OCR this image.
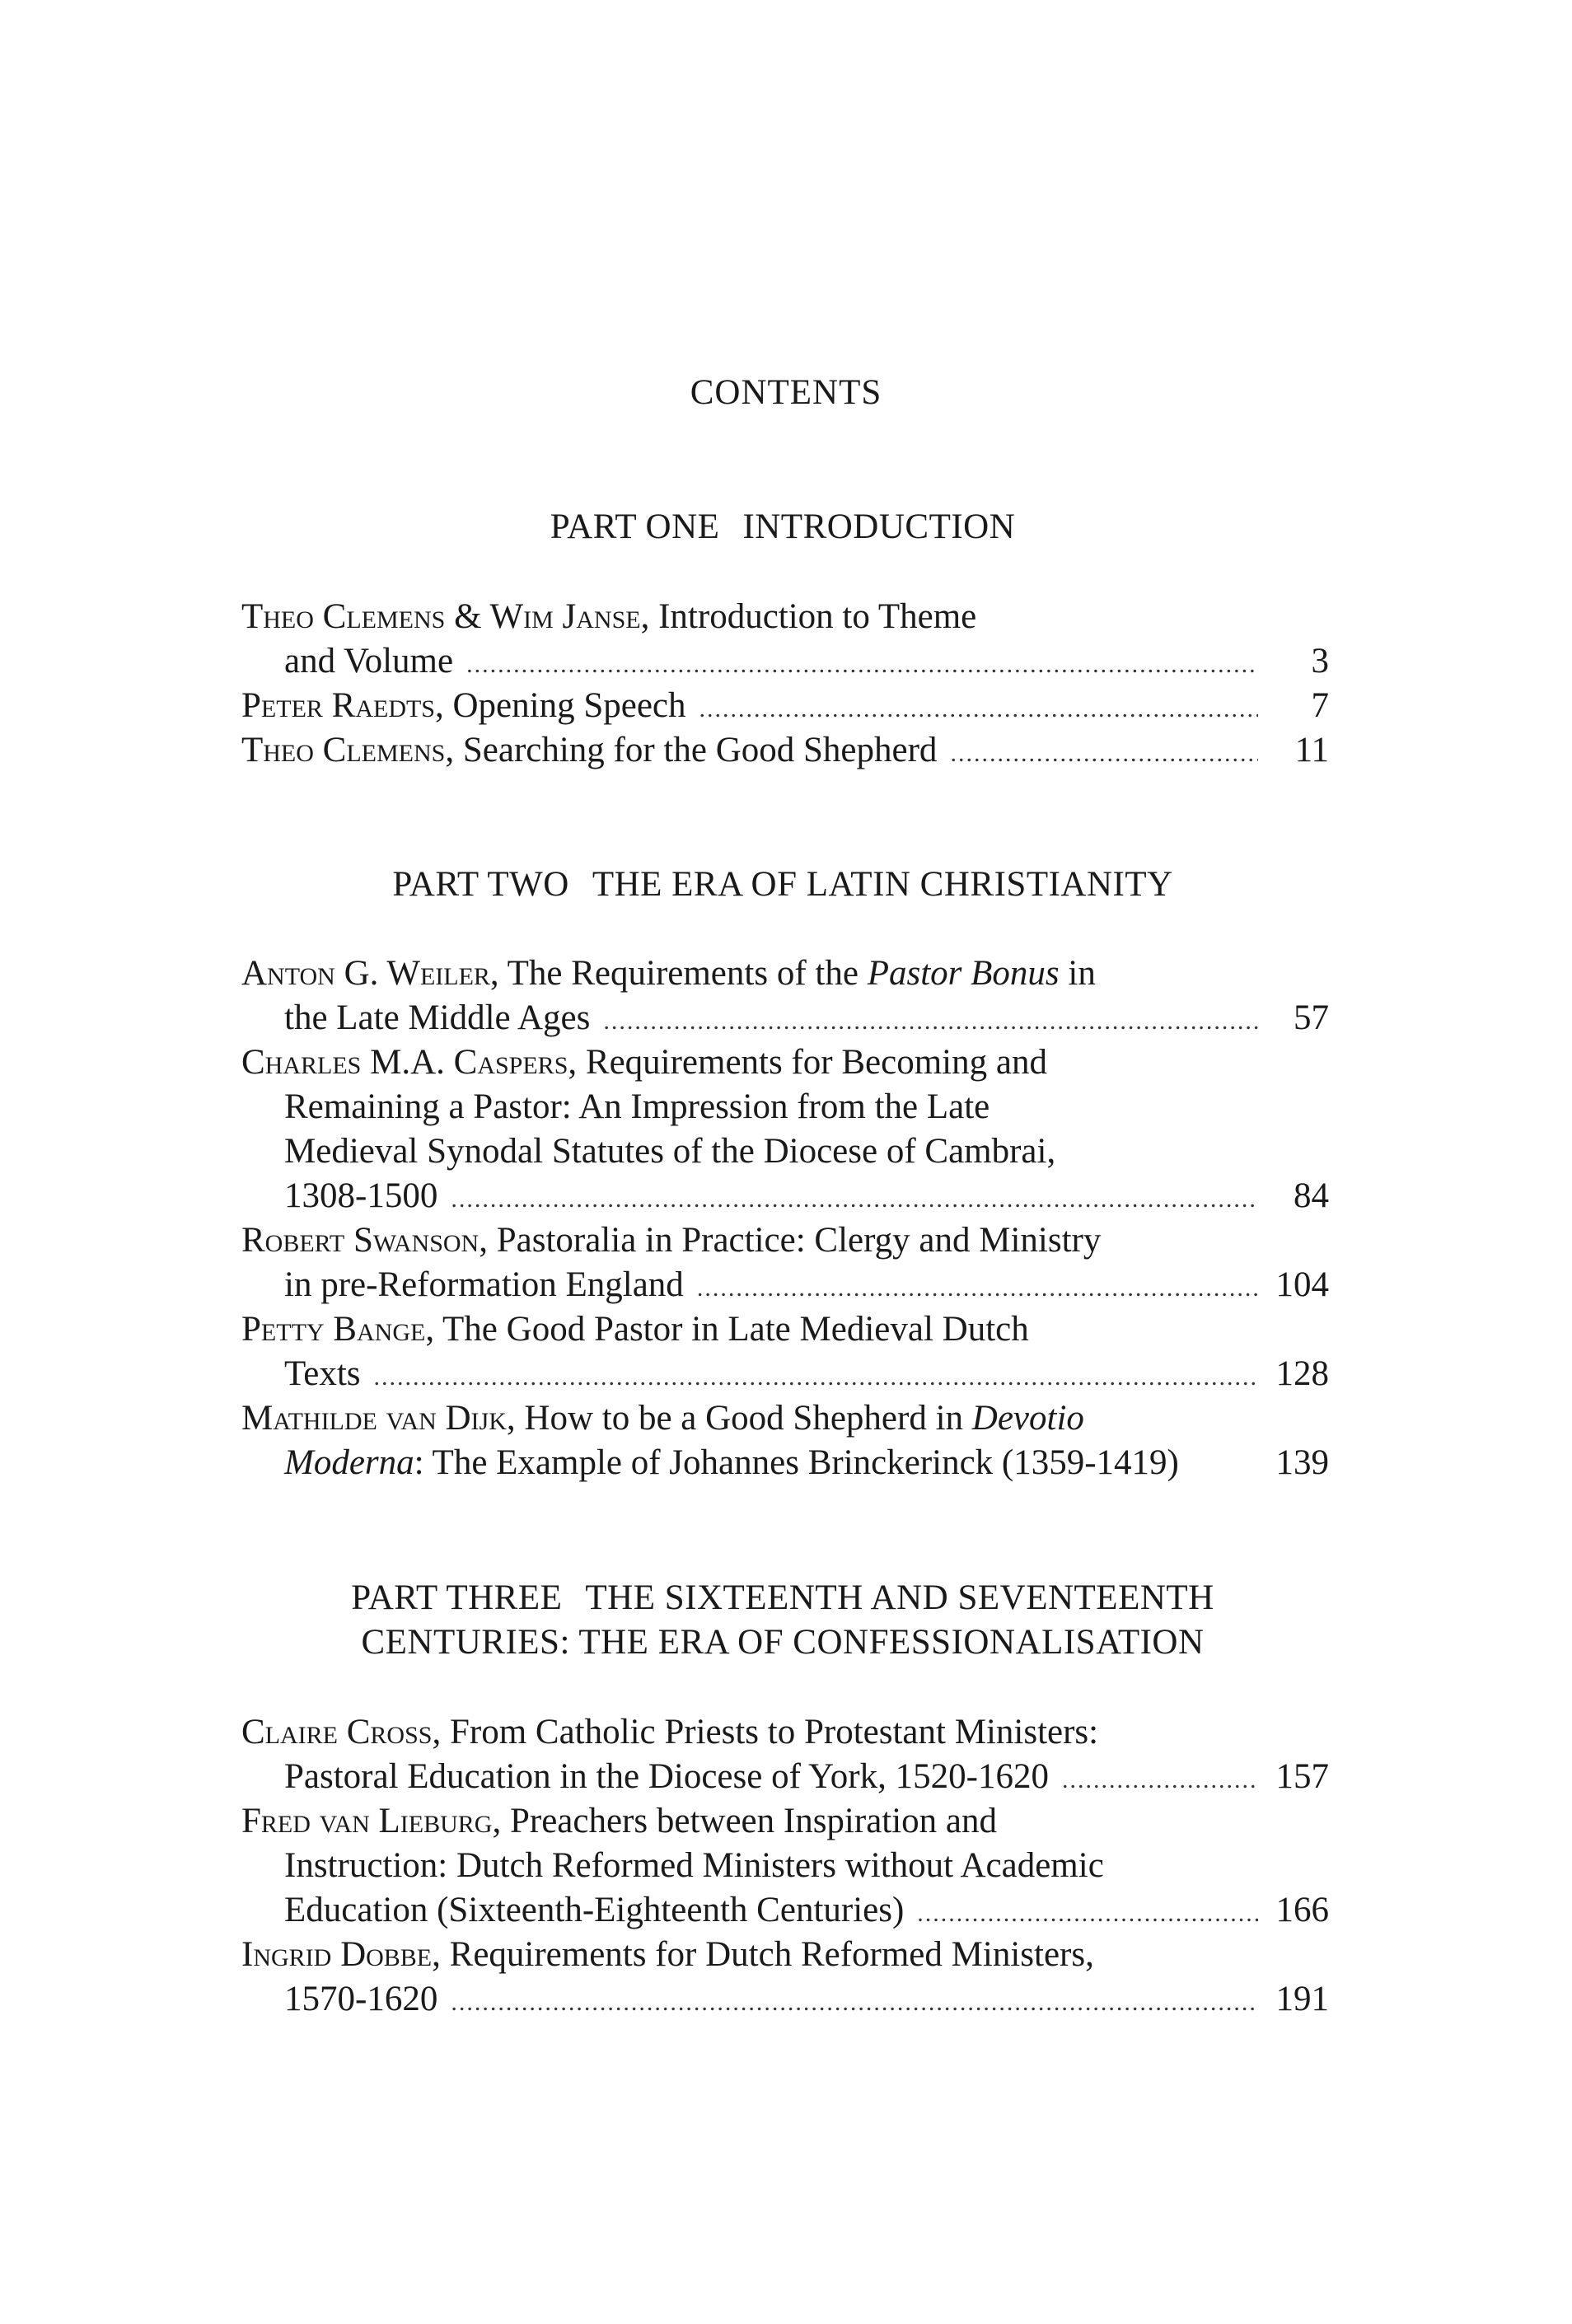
CONTENTS
PART ONE INTRODUCTION
Theo Clemens & Wim Janse, Introduction to Theme
and Volume .....	3
Peter Raedts, Opening Speech .....	7
Theo Clemens, Searching for the Good Shepherd .....	11
PART TWO THE ERA OF LATIN CHRISTIANITY
Anton G. Weiler, The Requirements of the Pastor Bonus in
the Late Middle Ages .....	57
Charles M.A. Caspers, Requirements for Becoming and
Remaining a Pastor: An Impression from the Late
Medieval Synodal Statutes of the Diocese of Cambrai,
1308-1500 .....	84
Robert Swanson, Pastoralia in Practice: Clergy and Ministry
in pre-Reformation England .....	104
Petty Bange, The Good Pastor in Late Medieval Dutch
Texts .....	128
Mathilde van Dijk, How to be a Good Shepherd in Devotio
Moderna: The Example of Johannes Brinckerinck (1359-1419)	139
PART THREE THE SIXTEENTH AND SEVENTEENTH
CENTURIES: THE ERA OF CONFESSIONALISATION
Claire Cross, From Catholic Priests to Protestant Ministers:
Pastoral Education in the Diocese of York, 1520-1620 .....	157
Fred van Lieburg, Preachers between Inspiration and
Instruction: Dutch Reformed Ministers without Academic
Education (Sixteenth-Eighteenth Centuries) .....	166
Ingrid Dobbe, Requirements for Dutch Reformed Ministers,
1570-1620 .....	191
